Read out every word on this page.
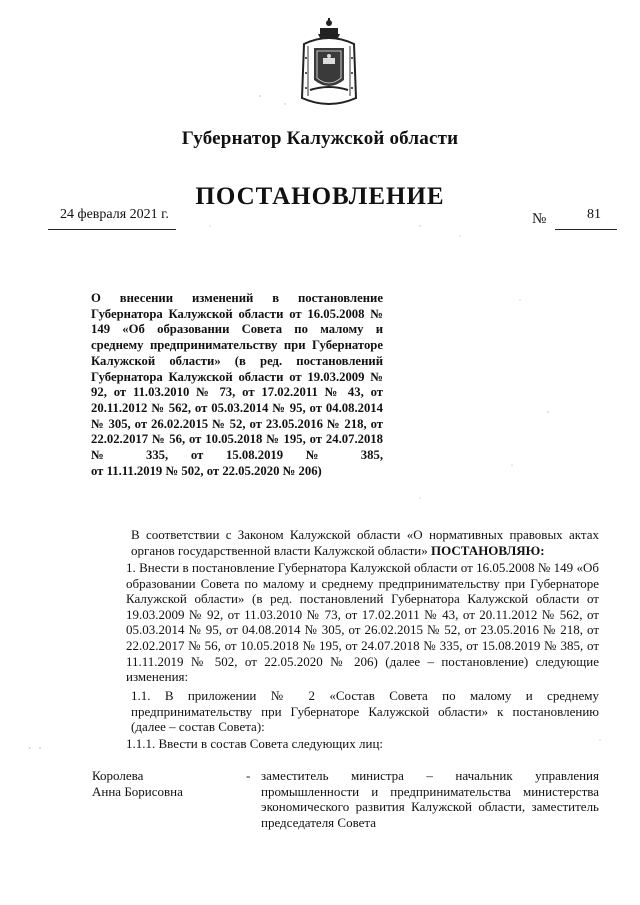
Губернатор Калужской области
ПОСТАНОВЛЕНИЕ
24 февраля 2021 г.	№	81
О внесении изменений в постановление Губернатора Калужской области от 16.05.2008 № 149 «Об образовании Совета по малому и среднему предпринимательству при Губернаторе Калужской области» (в ред. постановлений Губернатора Калужской области от 19.03.2009 № 92, от 11.03.2010 № 73, от 17.02.2011 № 43, от 20.11.2012 № 562, от 05.03.2014 № 95, от 04.08.2014 № 305, от 26.02.2015 № 52, от 23.05.2016 № 218, от 22.02.2017 № 56, от 10.05.2018 № 195, от 24.07.2018 № 335, от 15.08.2019 № 385,
от 11.11.2019 № 502, от 22.05.2020 № 206)
В соответствии с Законом Калужской области «О нормативных правовых актах органов государственной власти Калужской области» ПОСТАНОВЛЯЮ:
1. Внести в постановление Губернатора Калужской области от 16.05.2008 № 149 «Об образовании Совета по малому и среднему предпринимательству при Губернаторе Калужской области» (в ред. постановлений Губернатора Калужской области от 19.03.2009 № 92, от 11.03.2010 № 73, от 17.02.2011 № 43, от 20.11.2012 № 562, от 05.03.2014 № 95, от 04.08.2014 № 305, от 26.02.2015 № 52, от 23.05.2016 № 218, от 22.02.2017 № 56, от 10.05.2018 № 195, от 24.07.2018 № 335, от 15.08.2019 № 385, от 11.11.2019 № 502, от 22.05.2020 № 206) (далее – постановление) следующие изменения:
1.1. В приложении № 2 «Состав Совета по малому и среднему предпринимательству при Губернаторе Калужской области» к постановлению (далее – состав Совета):
1.1.1. Ввести в состав Совета следующих лиц:
Королева
Анна Борисовна
- заместитель министра – начальник управления промышленности и предпринимательства министерства экономического развития Калужской области, заместитель председателя Совета
